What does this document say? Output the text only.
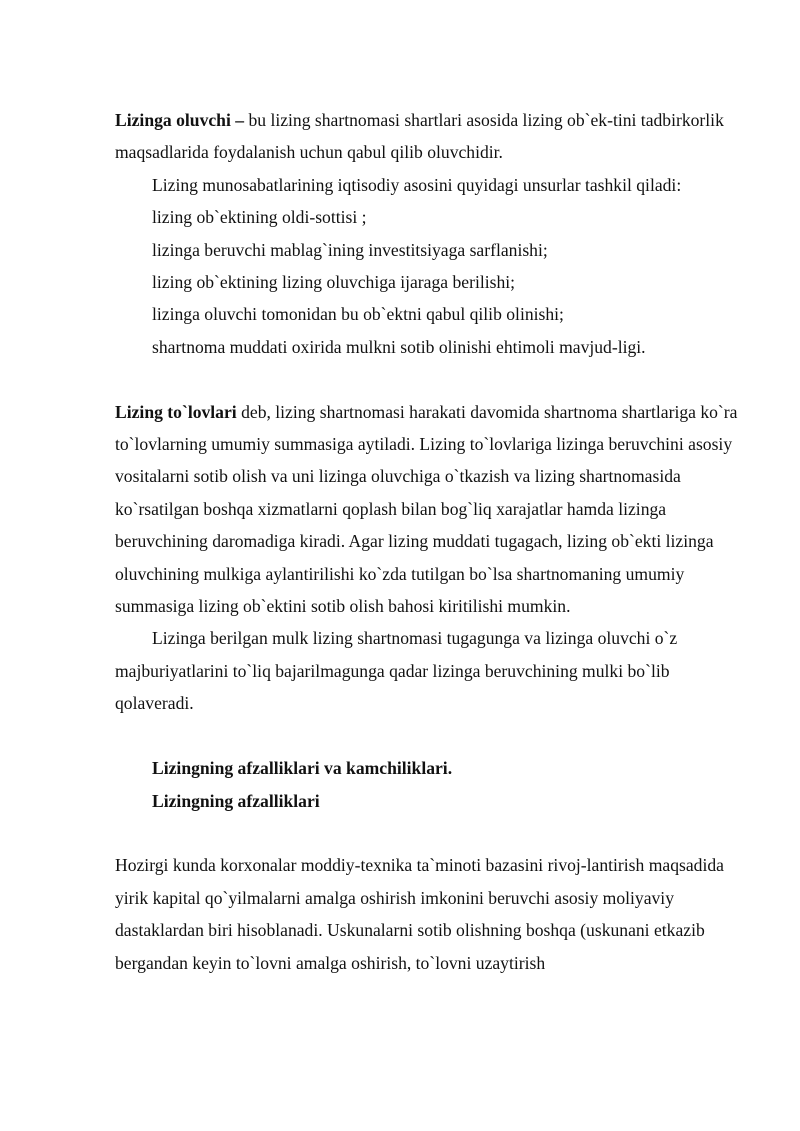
Lizinga oluvchi – bu lizing shartnomasi shartlari asosida lizing ob`ek-tini tadbirkorlik maqsadlarida foydalanish uchun qabul qilib oluvchidir.

Lizing munosabatlarining iqtisodiy asosini quyidagi unsurlar tashkil qiladi:

lizing ob`ektining oldi-sottisi ;

lizinga beruvchi mablag`ining investitsiyaga sarflanishi;

lizing ob`ektining lizing oluvchiga ijaraga berilishi;

lizinga oluvchi tomonidan bu ob`ektni qabul qilib olinishi;

shartnoma muddati oxirida mulkni sotib olinishi ehtimoli mavjud-ligi.

Lizing to`lovlari deb, lizing shartnomasi harakati davomida shartnoma shartlariga ko`ra to`lovlarning umumiy summasiga aytiladi. Lizing to`lovlariga lizinga beruvchini asosiy vositalarni sotib olish va uni lizinga oluvchiga o`tkazish va lizing shartnomasida ko`rsatilgan boshqa xizmatlarni qoplash bilan bog`liq xarajatlar hamda lizinga beruvchining daromadiga kiradi. Agar lizing muddati tugagach, lizing ob`ekti lizinga oluvchining mulkiga aylantirilishi ko`zda tutilgan bo`lsa shartnomaning umumiy summasiga lizing ob`ektini sotib olish bahosi kiritilishi mumkin.

Lizinga berilgan mulk lizing shartnomasi tugagunga va lizinga oluvchi o`z majburiyatlarini to`liq bajarilmagunga qadar lizinga beruvchining mulki bo`lib qolaveradi.

Lizingning afzalliklari va kamchiliklari.

Lizingning afzalliklari

Hozirgi kunda korxonalar moddiy-texnika ta`minoti bazasini rivoj-lantirish maqsadida yirik kapital qo`yilmalarni amalga oshirish imkonini beruvchi asosiy moliyaviy dastaklardan biri hisoblanadi. Uskunalarni sotib olishning boshqa (uskunani etkazib bergandan keyin to`lovni amalga oshirish, to`lovni uzaytirish
